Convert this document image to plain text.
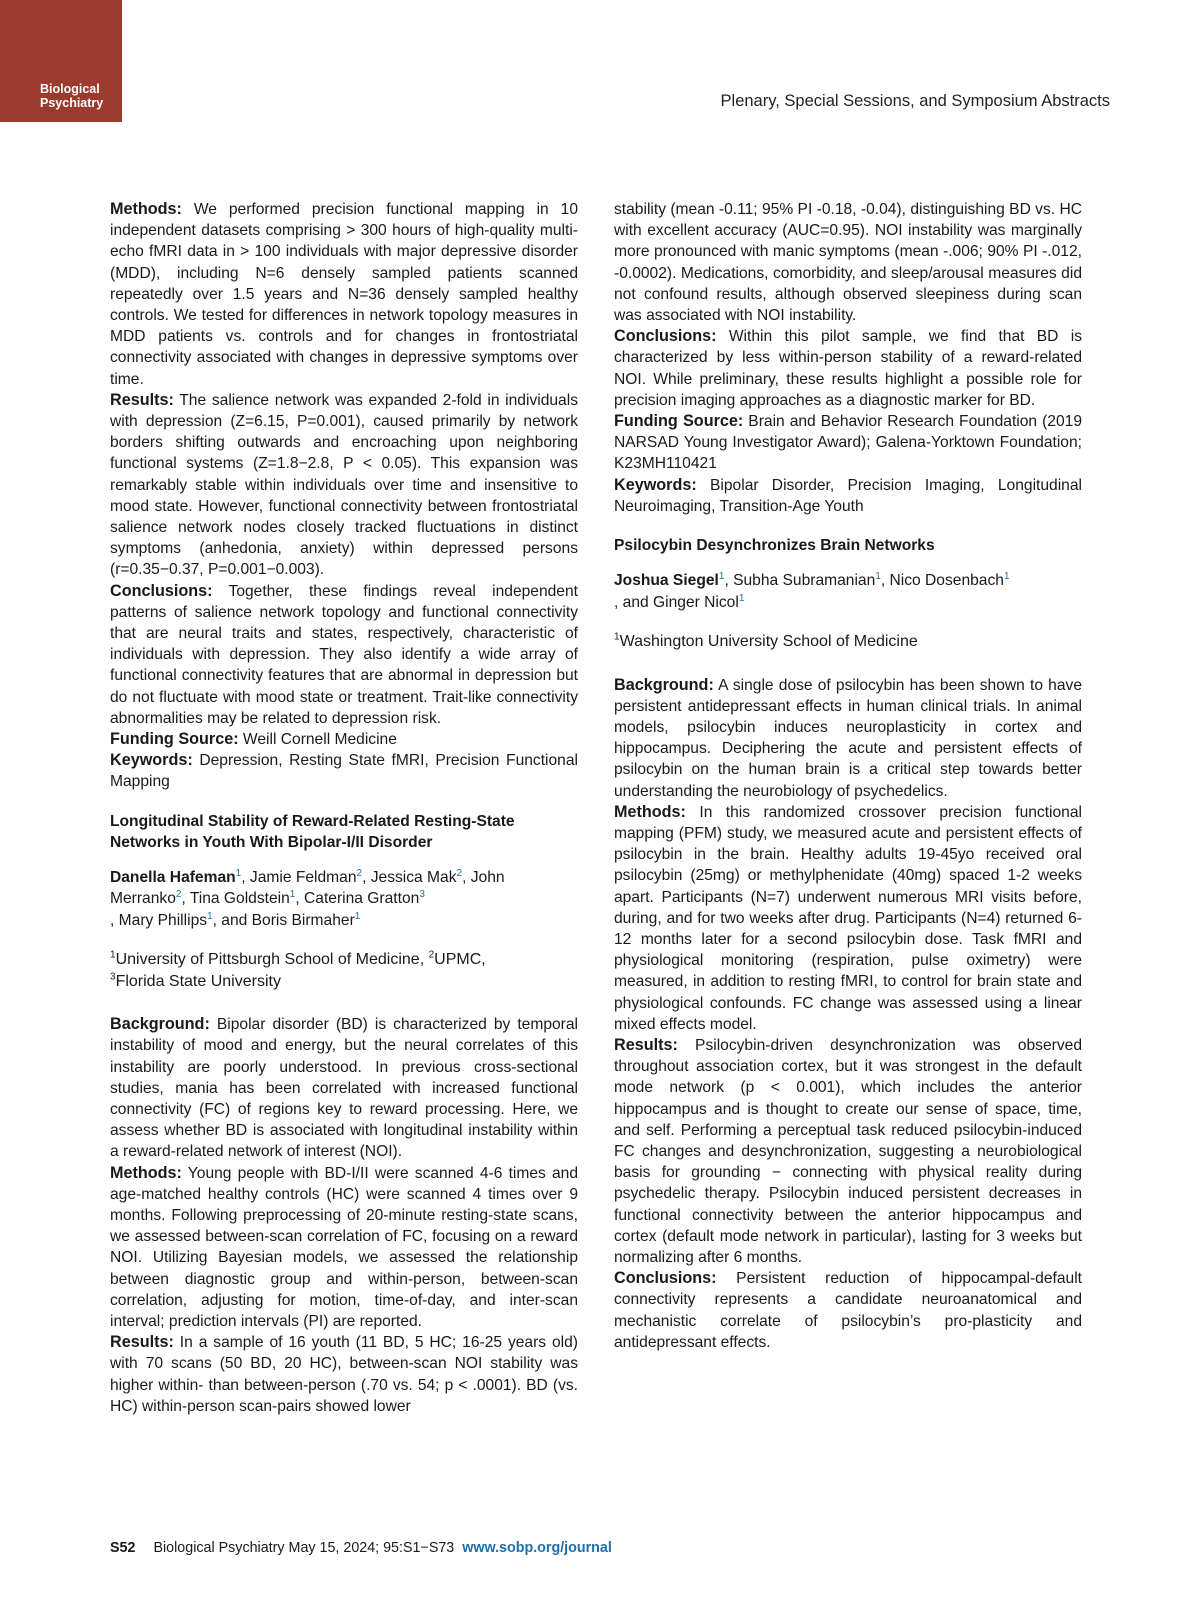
Biological
Psychiatry	Plenary, Special Sessions, and Symposium Abstracts

Methods: We performed precision functional mapping in 10 independent datasets comprising > 300 hours of high-quality multi-echo fMRI data in > 100 individuals with major depressive disorder (MDD), including N=6 densely sampled patients scanned repeatedly over 1.5 years and N=36 densely sampled healthy controls. We tested for differences in network topology measures in MDD patients vs. controls and for changes in frontostriatal connectivity associated with changes in depressive symptoms over time.

Results: The salience network was expanded 2-fold in individuals with depression (Z=6.15, P=0.001), caused primarily by network borders shifting outwards and encroaching upon neighboring functional systems (Z=1.8−2.8, P < 0.05). This expansion was remarkably stable within individuals over time and insensitive to mood state. However, functional connectivity between frontostriatal salience network nodes closely tracked fluctuations in distinct symptoms (anhedonia, anxiety) within depressed persons (r=0.35−0.37, P=0.001−0.003).

Conclusions: Together, these findings reveal independent patterns of salience network topology and functional connectivity that are neural traits and states, respectively, characteristic of individuals with depression. They also identify a wide array of functional connectivity features that are abnormal in depression but do not fluctuate with mood state or treatment. Trait-like connectivity abnormalities may be related to depression risk.

Funding Source: Weill Cornell Medicine

Keywords: Depression, Resting State fMRI, Precision Functional Mapping

Longitudinal Stability of Reward-Related Resting-State Networks in Youth With Bipolar-I/II Disorder

Danella Hafeman$^1$, Jamie Feldman$^2$, Jessica Mak$^2$, John Merranko$^2$, Tina Goldstein$^1$, Caterina Gratton$^3$
, Mary Phillips$^1$, and Boris Birmaher$^1$

$^1$University of Pittsburgh School of Medicine, $^2$UPMC,
$^3$Florida State University

Background: Bipolar disorder (BD) is characterized by temporal instability of mood and energy, but the neural correlates of this instability are poorly understood. In previous cross-sectional studies, mania has been correlated with increased functional connectivity (FC) of regions key to reward processing. Here, we assess whether BD is associated with longitudinal instability within a reward-related network of interest (NOI).

Methods: Young people with BD-I/II were scanned 4-6 times and age-matched healthy controls (HC) were scanned 4 times over 9 months. Following preprocessing of 20-minute resting-state scans, we assessed between-scan correlation of FC, focusing on a reward NOI. Utilizing Bayesian models, we assessed the relationship between diagnostic group and within-person, between-scan correlation, adjusting for motion, time-of-day, and inter-scan interval; prediction intervals (PI) are reported.

Results: In a sample of 16 youth (11 BD, 5 HC; 16-25 years old) with 70 scans (50 BD, 20 HC), between-scan NOI stability was higher within- than between-person (.70 vs. 54; p < .0001). BD (vs. HC) within-person scan-pairs showed lower

stability (mean -0.11; 95% PI -0.18, -0.04), distinguishing BD vs. HC with excellent accuracy (AUC=0.95). NOI instability was marginally more pronounced with manic symptoms (mean -.006; 90% PI -.012, -0.0002). Medications, comorbidity, and sleep/arousal measures did not confound results, although observed sleepiness during scan was associated with NOI instability.

Conclusions: Within this pilot sample, we find that BD is characterized by less within-person stability of a reward-related NOI. While preliminary, these results highlight a possible role for precision imaging approaches as a diagnostic marker for BD.

Funding Source: Brain and Behavior Research Foundation (2019 NARSAD Young Investigator Award); Galena-Yorktown Foundation; K23MH110421

Keywords: Bipolar Disorder, Precision Imaging, Longitudinal Neuroimaging, Transition-Age Youth

Psilocybin Desynchronizes Brain Networks

Joshua Siegel$^1$, Subha Subramanian$^1$, Nico Dosenbach$^1$
, and Ginger Nicol$^1$

$^1$Washington University School of Medicine

Background: A single dose of psilocybin has been shown to have persistent antidepressant effects in human clinical trials. In animal models, psilocybin induces neuroplasticity in cortex and hippocampus. Deciphering the acute and persistent effects of psilocybin on the human brain is a critical step towards better understanding the neurobiology of psychedelics.

Methods: In this randomized crossover precision functional mapping (PFM) study, we measured acute and persistent effects of psilocybin in the brain. Healthy adults 19-45yo received oral psilocybin (25mg) or methylphenidate (40mg) spaced 1-2 weeks apart. Participants (N=7) underwent numerous MRI visits before, during, and for two weeks after drug. Participants (N=4) returned 6-12 months later for a second psilocybin dose. Task fMRI and physiological monitoring (respiration, pulse oximetry) were measured, in addition to resting fMRI, to control for brain state and physiological confounds. FC change was assessed using a linear mixed effects model.

Results: Psilocybin-driven desynchronization was observed throughout association cortex, but it was strongest in the default mode network (p < 0.001), which includes the anterior hippocampus and is thought to create our sense of space, time, and self. Performing a perceptual task reduced psilocybin-induced FC changes and desynchronization, suggesting a neurobiological basis for grounding − connecting with physical reality during psychedelic therapy. Psilocybin induced persistent decreases in functional connectivity between the anterior hippocampus and cortex (default mode network in particular), lasting for 3 weeks but normalizing after 6 months.

Conclusions: Persistent reduction of hippocampal-default connectivity represents a candidate neuroanatomical and mechanistic correlate of psilocybin’s pro-plasticity and antidepressant effects.

S52 Biological Psychiatry May 15, 2024; 95:S1−S73 www.sobp.org/journal
